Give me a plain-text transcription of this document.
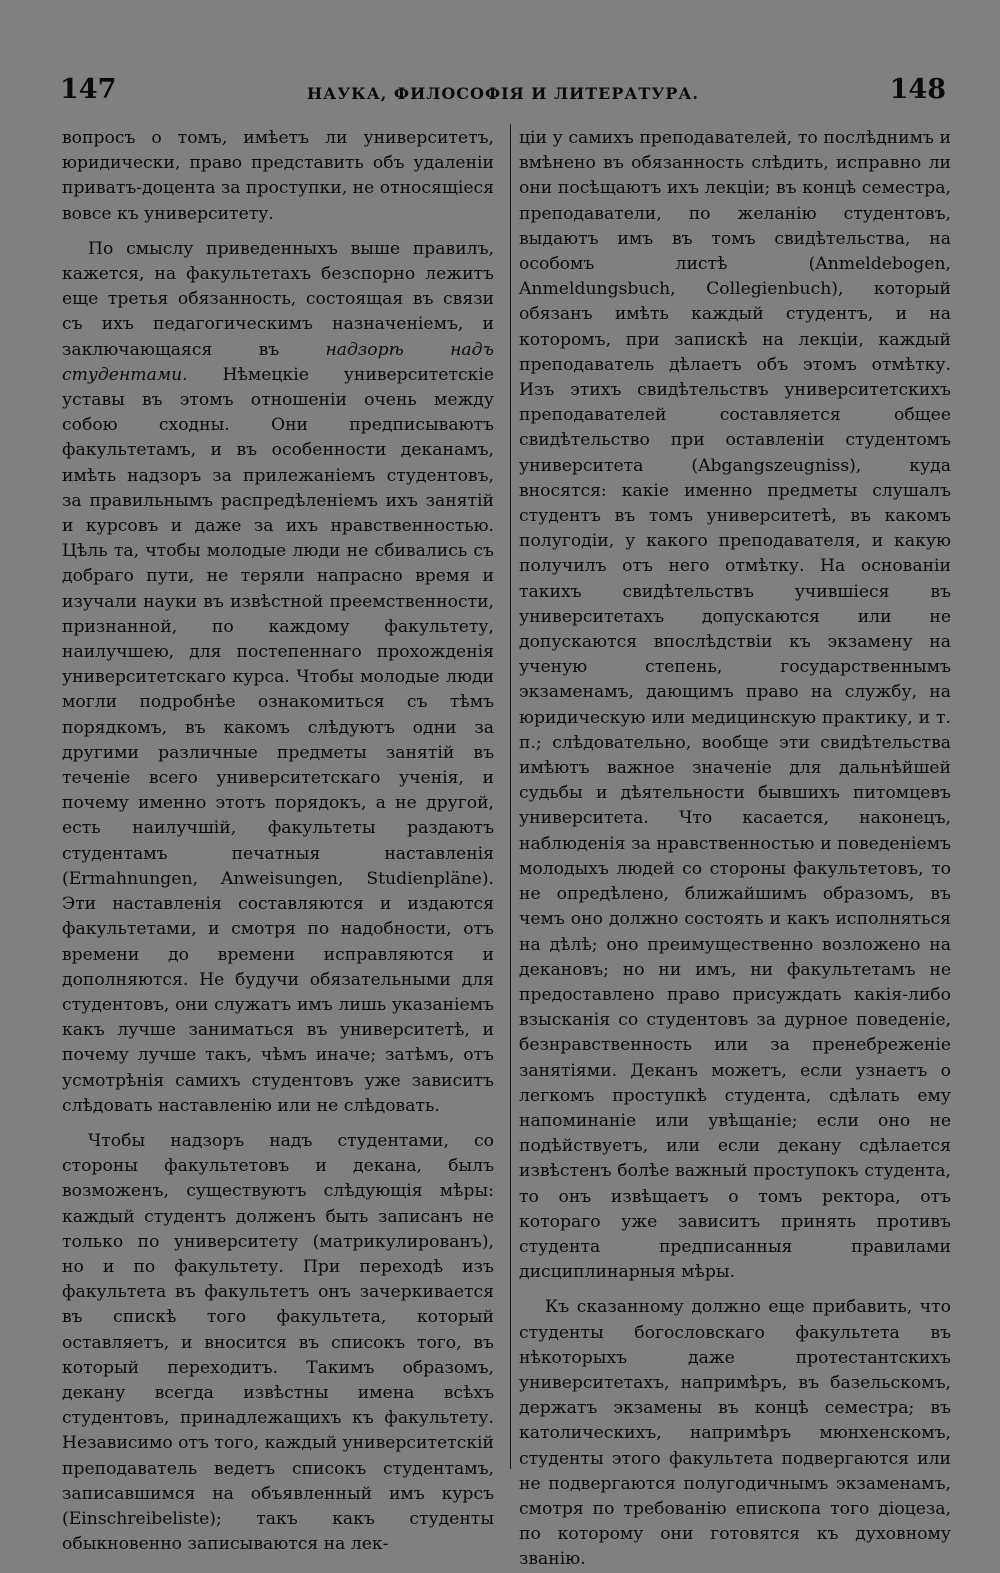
147	НАУКА, ФИЛОСОФІЯ И ЛИТЕРАТУРА.	148

вопросъ о томъ, имѣетъ ли университетъ, юридически, право представить объ удаленіи приватъ-доцента за проступки, не относящіеся вовсе къ университету.

По смыслу приведенныхъ выше правилъ, кажется, на факультетахъ безспорно лежитъ еще третья обязанность, состоящая въ связи съ ихъ педагогическимъ назначеніемъ, и заключающаяся въ надзорѣ надъ студентами. Нѣмецкіе университетскіе уставы въ этомъ отношеніи очень между собою сходны. Они предписываютъ факультетамъ, и въ особенности деканамъ, имѣть надзоръ за прилежаніемъ студентовъ, за правильнымъ распредѣленіемъ ихъ занятій и курсовъ и даже за ихъ нравственностью. Цѣль та, чтобы молодые люди не сбивались съ добраго пути, не теряли напрасно время и изучали науки въ извѣстной преемственности, признанной, по каждому факультету, наилучшею, для постепеннаго прохожденія университетскаго курса. Чтобы молодые люди могли подробнѣе ознакомиться съ тѣмъ порядкомъ, въ какомъ слѣдуютъ одни за другими различные предметы занятій въ теченіе всего университетскаго ученія, и почему именно этотъ порядокъ, а не другой, есть наилучшій, факультеты раздаютъ студентамъ печатныя наставленія (Ermahnungen, Anweisungen, Studienpläne). Эти наставленія составляются и издаются факультетами, и смотря по надобности, отъ времени до времени исправляются и дополняются. Не будучи обязательными для студентовъ, они служатъ имъ лишь указаніемъ какъ лучше заниматься въ университетѣ, и почему лучше такъ, чѣмъ иначе; затѣмъ, отъ усмотрѣнія самихъ студентовъ уже зависитъ слѣдовать наставленію или не слѣдовать.

Чтобы надзоръ надъ студентами, со стороны факультетовъ и декана, былъ возможенъ, существуютъ слѣдующія мѣры: каждый студентъ долженъ быть записанъ не только по университету (матрикулированъ), но и по факультету. При переходѣ изъ факультета въ факультетъ онъ зачеркивается въ спискѣ того факультета, который оставляетъ, и вносится въ списокъ того, въ который переходитъ. Такимъ образомъ, декану всегда извѣстны имена всѣхъ студентовъ, принадлежащихъ къ факультету. Независимо отъ того, каждый университетскій преподаватель ведетъ списокъ студентамъ, записавшимся на объявленный имъ курсъ (Einschreibeliste); такъ какъ студенты обыкновенно записываются на лек-

ціи у самихъ преподавателей, то послѣднимъ и вмѣнено въ обязанность слѣдить, исправно ли они посѣщаютъ ихъ лекціи; въ концѣ семестра, преподаватели, по желанію студентовъ, выдаютъ имъ въ томъ свидѣтельства, на особомъ листѣ (Anmeldebogen, Anmeldungsbuch, Collegienbuch), который обязанъ имѣть каждый студентъ, и на которомъ, при запискѣ на лекціи, каждый преподаватель дѣлаетъ объ этомъ отмѣтку. Изъ этихъ свидѣтельствъ университетскихъ преподавателей составляется общее свидѣтельство при оставленіи студентомъ университета (Abgangszeugniss), куда вносятся: какіе именно предметы слушалъ студентъ въ томъ университетѣ, въ какомъ полугодіи, у какого преподавателя, и какую получилъ отъ него отмѣтку. На основаніи такихъ свидѣтельствъ учившіеся въ университетахъ допускаются или не допускаются впослѣдствіи къ экзамену на ученую степень, государственнымъ экзаменамъ, дающимъ право на службу, на юридическую или медицинскую практику, и т. п.; слѣдовательно, вообще эти свидѣтельства имѣютъ важное значеніе для дальнѣйшей судьбы и дѣятельности бывшихъ питомцевъ университета. Что касается, наконецъ, наблюденія за нравственностью и поведеніемъ молодыхъ людей со стороны факультетовъ, то не опредѣлено, ближайшимъ образомъ, въ чемъ оно должно состоять и какъ исполняться на дѣлѣ; оно преимущественно возложено на декановъ; но ни имъ, ни факультетамъ не предоставлено право присуждать какія-либо взысканія со студентовъ за дурное поведеніе, безнравственность или за пренебреженіе занятіями. Деканъ можетъ, если узнаетъ о легкомъ проступкѣ студента, сдѣлать ему напоминаніе или увѣщаніе; если оно не подѣйствуетъ, или если декану сдѣлается извѣстенъ болѣе важный проступокъ студента, то онъ извѣщаетъ о томъ ректора, отъ котораго уже зависитъ принять противъ студента предписанныя правилами дисциплинарныя мѣры.

Къ сказанному должно еще прибавить, что студенты богословскаго факультета въ нѣкоторыхъ даже протестантскихъ университетахъ, напримѣръ, въ базельскомъ, держатъ экзамены въ концѣ семестра; въ католическихъ, напримѣръ мюнхенскомъ, студенты этого факультета подвергаются или не подвергаются полугодичнымъ экзаменамъ, смотря по требованію епископа того діоцеза, по которому они готовятся къ духовному званію.
